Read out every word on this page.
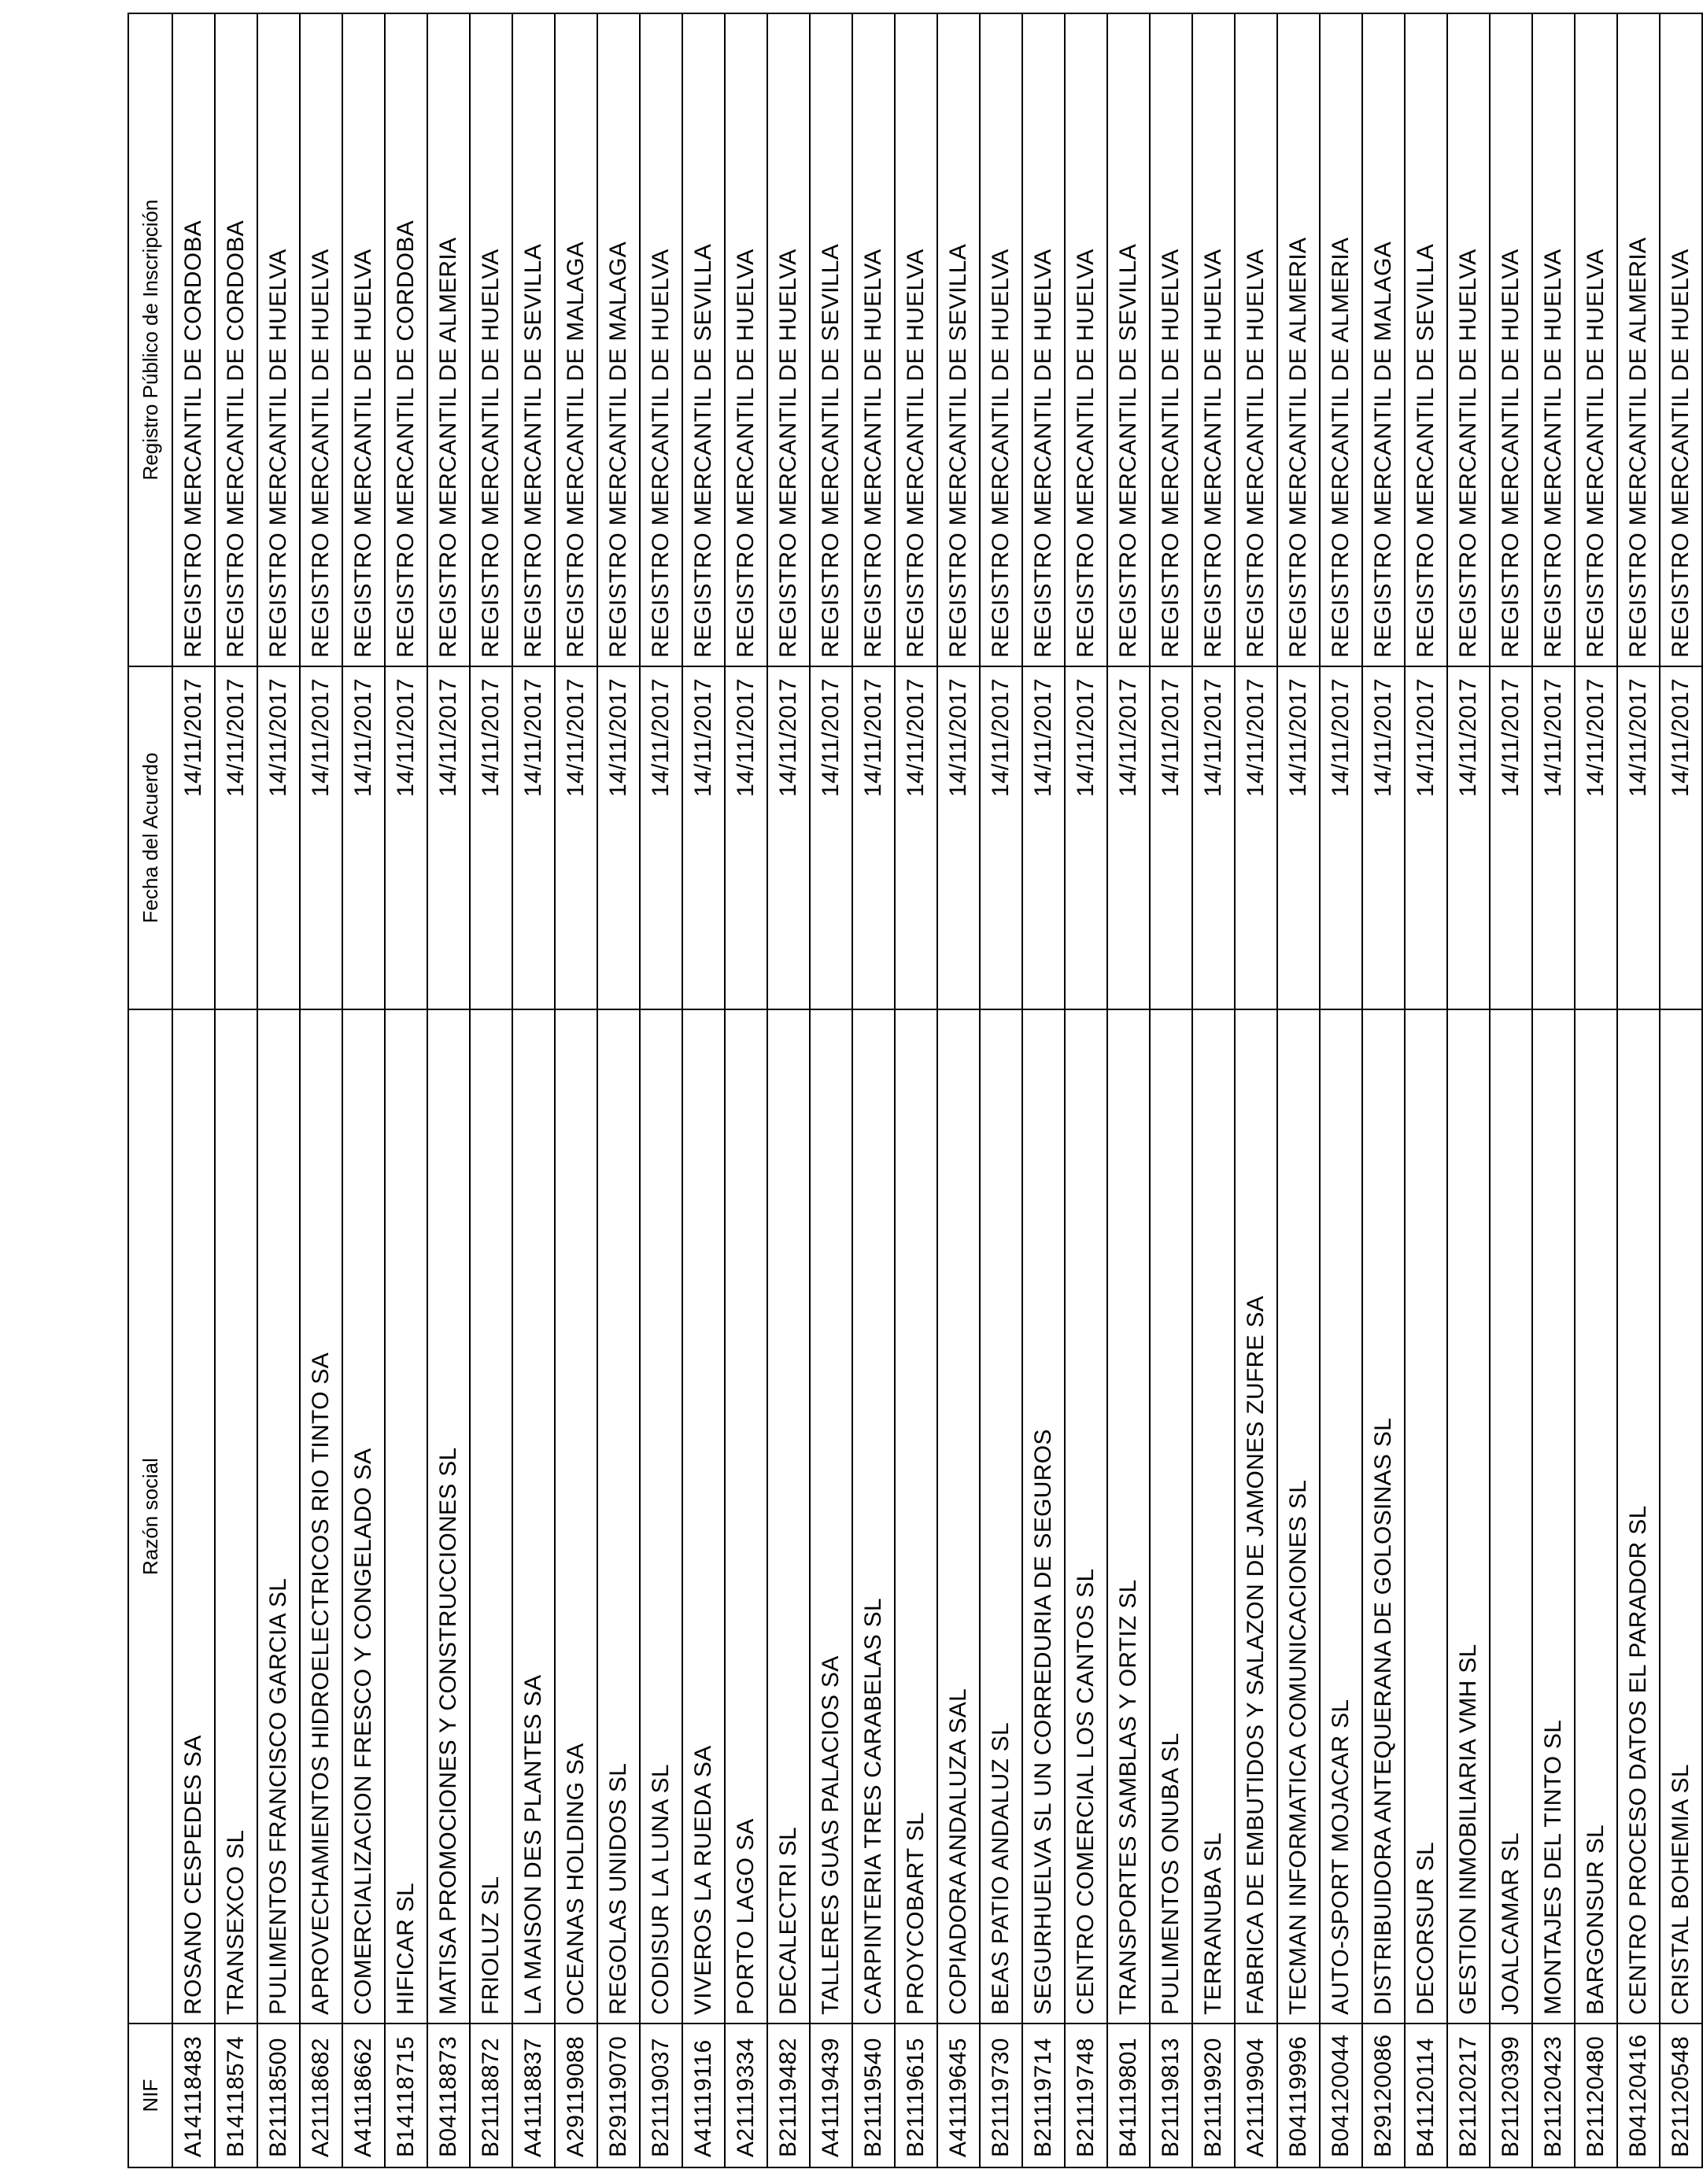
NIF	Razón social	Fecha del Acuerdo	Registro Público de Inscripción
A14118483	ROSANO CESPEDES SA	14/11/2017	REGISTRO MERCANTIL DE CORDOBA
B14118574	TRANSEXCO SL	14/11/2017	REGISTRO MERCANTIL DE CORDOBA
B21118500	PULIMENTOS FRANCISCO GARCIA SL	14/11/2017	REGISTRO MERCANTIL DE HUELVA
A21118682	APROVECHAMIENTOS HIDROELECTRICOS RIO TINTO SA	14/11/2017	REGISTRO MERCANTIL DE HUELVA
A41118662	COMERCIALIZACION FRESCO Y CONGELADO SA	14/11/2017	REGISTRO MERCANTIL DE HUELVA
B14118715	HIFICAR SL	14/11/2017	REGISTRO MERCANTIL DE CORDOBA
B04118873	MATISA PROMOCIONES Y CONSTRUCCIONES SL	14/11/2017	REGISTRO MERCANTIL DE ALMERIA
B21118872	FRIOLUZ SL	14/11/2017	REGISTRO MERCANTIL DE HUELVA
A41118837	LA MAISON DES PLANTES SA	14/11/2017	REGISTRO MERCANTIL DE SEVILLA
A29119088	OCEANAS HOLDING SA	14/11/2017	REGISTRO MERCANTIL DE MALAGA
B29119070	REGOLAS UNIDOS SL	14/11/2017	REGISTRO MERCANTIL DE MALAGA
B21119037	CODISUR LA LUNA SL	14/11/2017	REGISTRO MERCANTIL DE HUELVA
A41119116	VIVEROS LA RUEDA SA	14/11/2017	REGISTRO MERCANTIL DE SEVILLA
A21119334	PORTO LAGO SA	14/11/2017	REGISTRO MERCANTIL DE HUELVA
B21119482	DECALECTRI SL	14/11/2017	REGISTRO MERCANTIL DE HUELVA
A41119439	TALLERES GUAS PALACIOS SA	14/11/2017	REGISTRO MERCANTIL DE SEVILLA
B21119540	CARPINTERIA TRES CARABELAS SL	14/11/2017	REGISTRO MERCANTIL DE HUELVA
B21119615	PROYCOBART SL	14/11/2017	REGISTRO MERCANTIL DE HUELVA
A41119645	COPIADORA ANDALUZA SAL	14/11/2017	REGISTRO MERCANTIL DE SEVILLA
B21119730	BEAS PATIO ANDALUZ SL	14/11/2017	REGISTRO MERCANTIL DE HUELVA
B21119714	SEGURHUELVA SL UN CORREDURIA DE SEGUROS	14/11/2017	REGISTRO MERCANTIL DE HUELVA
B21119748	CENTRO COMERCIAL LOS CANTOS SL	14/11/2017	REGISTRO MERCANTIL DE HUELVA
B41119801	TRANSPORTES SAMBLAS Y ORTIZ SL	14/11/2017	REGISTRO MERCANTIL DE SEVILLA
B21119813	PULIMENTOS ONUBA SL	14/11/2017	REGISTRO MERCANTIL DE HUELVA
B21119920	TERRANUBA SL	14/11/2017	REGISTRO MERCANTIL DE HUELVA
A21119904	FABRICA DE EMBUTIDOS Y SALAZON DE JAMONES ZUFRE SA	14/11/2017	REGISTRO MERCANTIL DE HUELVA
B04119996	TECMAN INFORMATICA COMUNICACIONES SL	14/11/2017	REGISTRO MERCANTIL DE ALMERIA
B04120044	AUTO-SPORT MOJACAR SL	14/11/2017	REGISTRO MERCANTIL DE ALMERIA
B29120086	DISTRIBUIDORA ANTEQUERANA DE GOLOSINAS SL	14/11/2017	REGISTRO MERCANTIL DE MALAGA
B41120114	DECORSUR SL	14/11/2017	REGISTRO MERCANTIL DE SEVILLA
B21120217	GESTION INMOBILIARIA VMH SL	14/11/2017	REGISTRO MERCANTIL DE HUELVA
B21120399	JOALCAMAR SL	14/11/2017	REGISTRO MERCANTIL DE HUELVA
B21120423	MONTAJES DEL TINTO SL	14/11/2017	REGISTRO MERCANTIL DE HUELVA
B21120480	BARGONSUR SL	14/11/2017	REGISTRO MERCANTIL DE HUELVA
B04120416	CENTRO PROCESO DATOS EL PARADOR SL	14/11/2017	REGISTRO MERCANTIL DE ALMERIA
B21120548	CRISTAL BOHEMIA SL	14/11/2017	REGISTRO MERCANTIL DE HUELVA
